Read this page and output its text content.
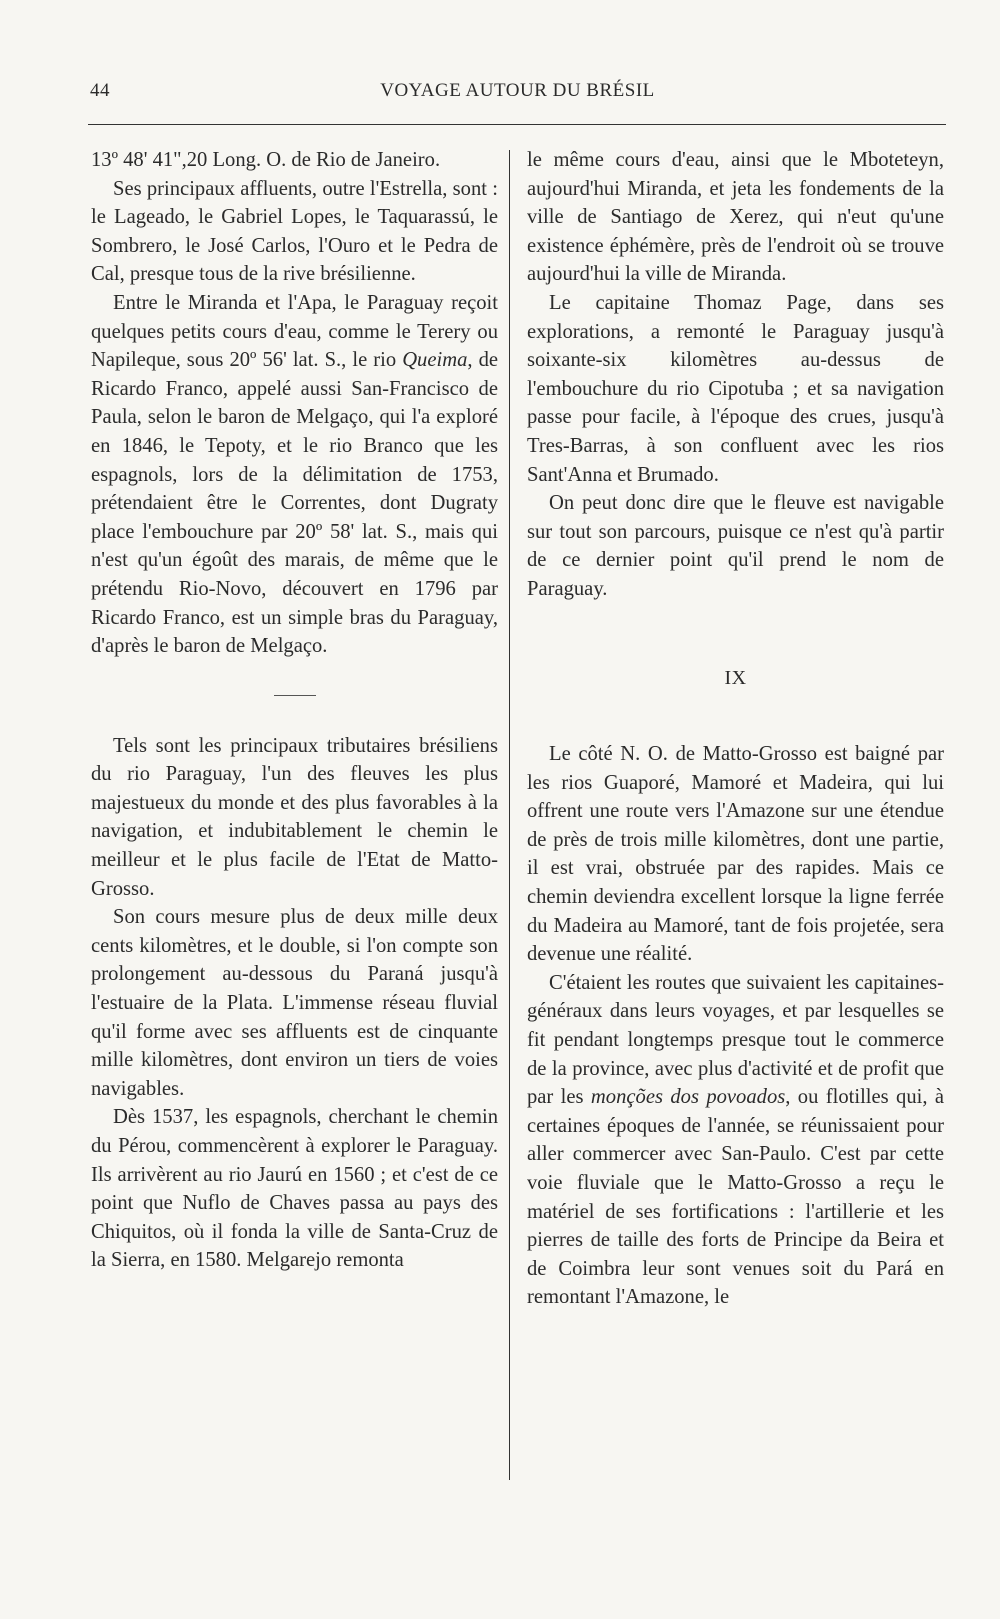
44	VOYAGE AUTOUR DU BRÉSIL

13º 48' 41",20 Long. O. de Rio de Janeiro.

Ses principaux affluents, outre l'Estrella, sont : le Lageado, le Gabriel Lopes, le Taquarassú, le Sombrero, le José Carlos, l'Ouro et le Pedra de Cal, presque tous de la rive brésilienne.

Entre le Miranda et l'Apa, le Paraguay reçoit quelques petits cours d'eau, comme le Terery ou Napileque, sous 20º 56' lat. S., le rio Queima, de Ricardo Franco, appelé aussi San-Francisco de Paula, selon le baron de Melgaço, qui l'a exploré en 1846, le Tepoty, et le rio Branco que les espagnols, lors de la délimitation de 1753, prétendaient être le Correntes, dont Dugraty place l'embouchure par 20º 58' lat. S., mais qui n'est qu'un égoût des marais, de même que le prétendu Rio-Novo, découvert en 1796 par Ricardo Franco, est un simple bras du Paraguay, d'après le baron de Melgaço.

Tels sont les principaux tributaires brésiliens du rio Paraguay, l'un des fleuves les plus majestueux du monde et des plus favorables à la navigation, et indubitablement le chemin le meilleur et le plus facile de l'Etat de Matto-Grosso.

Son cours mesure plus de deux mille deux cents kilomètres, et le double, si l'on compte son prolongement au-dessous du Paraná jusqu'à l'estuaire de la Plata. L'immense réseau fluvial qu'il forme avec ses affluents est de cinquante mille kilomètres, dont environ un tiers de voies navigables.

Dès 1537, les espagnols, cherchant le chemin du Pérou, commencèrent à explorer le Paraguay. Ils arrivèrent au rio Jaurú en 1560 ; et c'est de ce point que Nuflo de Chaves passa au pays des Chiquitos, où il fonda la ville de Santa-Cruz de la Sierra, en 1580. Melgarejo remonta

le même cours d'eau, ainsi que le Mboteteyn, aujourd'hui Miranda, et jeta les fondements de la ville de Santiago de Xerez, qui n'eut qu'une existence éphémère, près de l'endroit où se trouve aujourd'hui la ville de Miranda.

Le capitaine Thomaz Page, dans ses explorations, a remonté le Paraguay jusqu'à soixante-six kilomètres au-dessus de l'embouchure du rio Cipotuba ; et sa navigation passe pour facile, à l'époque des crues, jusqu'à Tres-Barras, à son confluent avec les rios Sant'Anna et Brumado.

On peut donc dire que le fleuve est navigable sur tout son parcours, puisque ce n'est qu'à partir de ce dernier point qu'il prend le nom de Paraguay.

IX

Le côté N. O. de Matto-Grosso est baigné par les rios Guaporé, Mamoré et Madeira, qui lui offrent une route vers l'Amazone sur une étendue de près de trois mille kilomètres, dont une partie, il est vrai, obstruée par des rapides. Mais ce chemin deviendra excellent lorsque la ligne ferrée du Madeira au Mamoré, tant de fois projetée, sera devenue une réalité.

C'étaient les routes que suivaient les capitaines-généraux dans leurs voyages, et par lesquelles se fit pendant longtemps presque tout le commerce de la province, avec plus d'activité et de profit que par les monções dos povoados, ou flotilles qui, à certaines époques de l'année, se réunissaient pour aller commercer avec San-Paulo. C'est par cette voie fluviale que le Matto-Grosso a reçu le matériel de ses fortifications : l'artillerie et les pierres de taille des forts de Principe da Beira et de Coimbra leur sont venues soit du Pará en remontant l'Amazone, le
